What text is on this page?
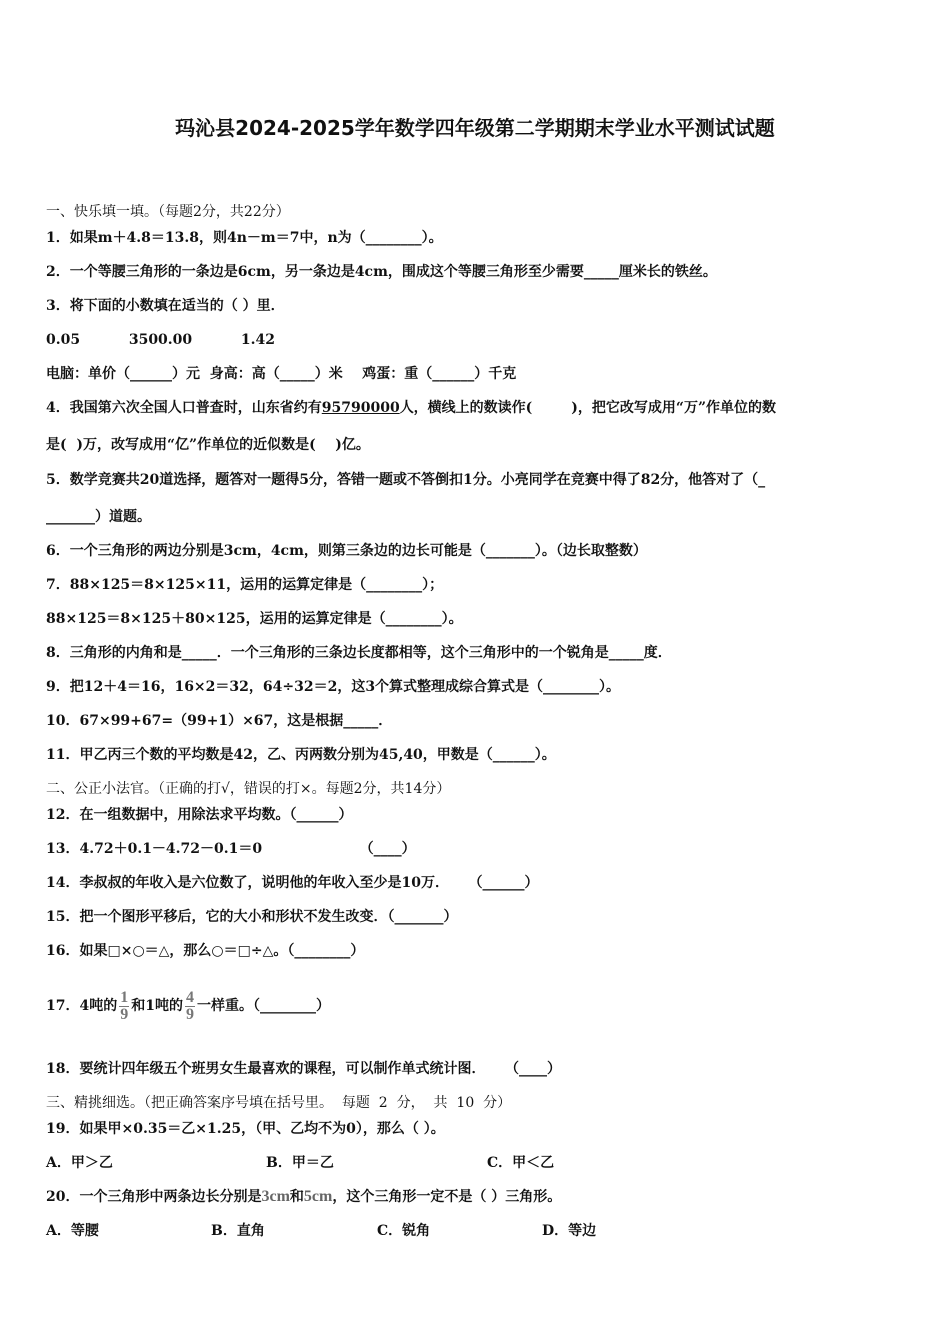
玛沁县2024-2025学年数学四年级第二学期期末学业水平测试试题
一、快乐填一填。（每题2分，共22分）
1．如果m＋4.8＝13.8，则4n－m＝7中，n为（________）。
2．一个等腰三角形的一条边是6cm，另一条边是4cm，围成这个等腰三角形至少需要_____厘米长的铁丝。
3．将下面的小数填在适当的（ ）里．
0.05          3500.00          1.42
电脑：单价（______）元  身高：高（_____）米    鸡蛋：重（______）千克
4．我国第六次全国人口普查时，山东省约有95790000人，横线上的数读作(        )，把它改写成用“万”作单位的数
是(  )万，改写成用“亿”作单位的近似数是(    )亿。
5．数学竞赛共20道选择，题答对一题得5分，答错一题或不答倒扣1分。小亮同学在竞赛中得了82分，他答对了（_
_______）道题。
6．一个三角形的两边分别是3cm，4cm，则第三条边的边长可能是（_______）。（边长取整数）
7．88×125＝8×125×11，运用的运算定律是（________）；
88×125＝8×125＋80×125，运用的运算定律是（________）。
8．三角形的内角和是_____．一个三角形的三条边长度都相等，这个三角形中的一个锐角是_____度．
9．把12＋4＝16，16×2＝32，64÷32＝2，这3个算式整理成综合算式是（________）。
10．67×99+67=（99+1）×67，这是根据_____．
11．甲乙丙三个数的平均数是42，乙、丙两数分别为45,40，甲数是（______）。
二、公正小法官。（正确的打√，错误的打×。每题2分，共14分）
12．在一组数据中，用除法求平均数。（______）
13．4.72＋0.1－4.72－0.1＝0                    （____）
14．李叔叔的年收入是六位数了，说明他的年收入至少是10万．    （______）
15．把一个图形平移后，它的大小和形状不发生改变．（_______）
16．如果□×○＝△，那么○＝□÷△。（________）
17．4吨的 $\frac{1}{9}$ 和1吨的 $\frac{4}{9}$ 一样重。（________）
18．要统计四年级五个班男女生最喜欢的课程，可以制作单式统计图．    （____）
三、精挑细选。（把正确答案序号填在括号里。  每题  2  分，  共  10  分）
19．如果甲×0.35＝乙×1.25，（甲、乙均不为0），那么（ ）。
A．甲＞乙	B．甲＝乙	C．甲＜乙
20．一个三角形中两条边长分别是3cm和5cm，这个三角形一定不是（ ）三角形。
A．等腰	B．直角	C．锐角	D．等边
